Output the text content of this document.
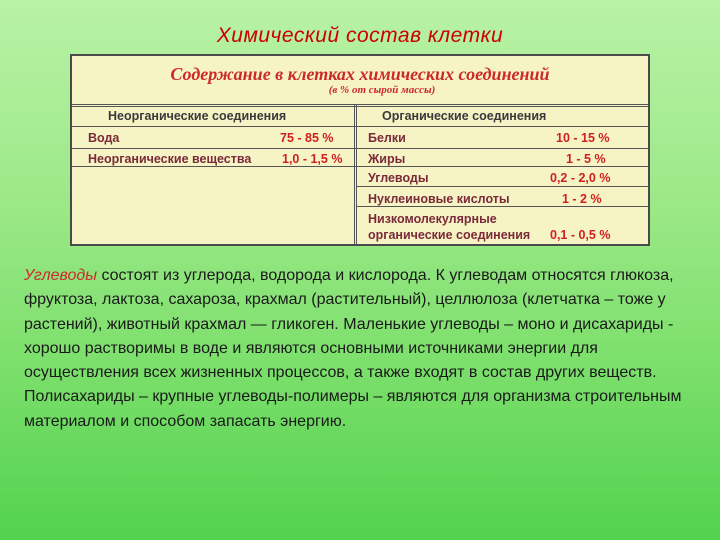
Химический состав клетки
Содержание в клетках химических соединений
(в % от сырой массы)
Неорганические соединения	Органические соединения
Вода	75 - 85 %
Неорганические вещества 1,0 - 1,5 %
Белки	10 - 15 %
Жиры	1 - 5 %
Углеводы	0,2 - 2,0 %
Нуклеиновые кислоты	1 - 2 %
Низкомолекулярные
органические соединения 0,1 - 0,5 %

Углеводы состоят из углерода, водорода и кислорода. К углеводам относятся глюкоза, фруктоза, лактоза, сахароза, крахмал (растительный), целлюлоза (клетчатка – тоже у растений), животный крахмал — гликоген. Маленькие углеводы – моно и дисахариды - хорошо растворимы в воде и являются основными источниками энергии для осуществления всех жизненных процессов, а также входят в состав других веществ.

Полисахариды – крупные углеводы-полимеры – являются для организма строительным материалом и способом запасать энергию.
